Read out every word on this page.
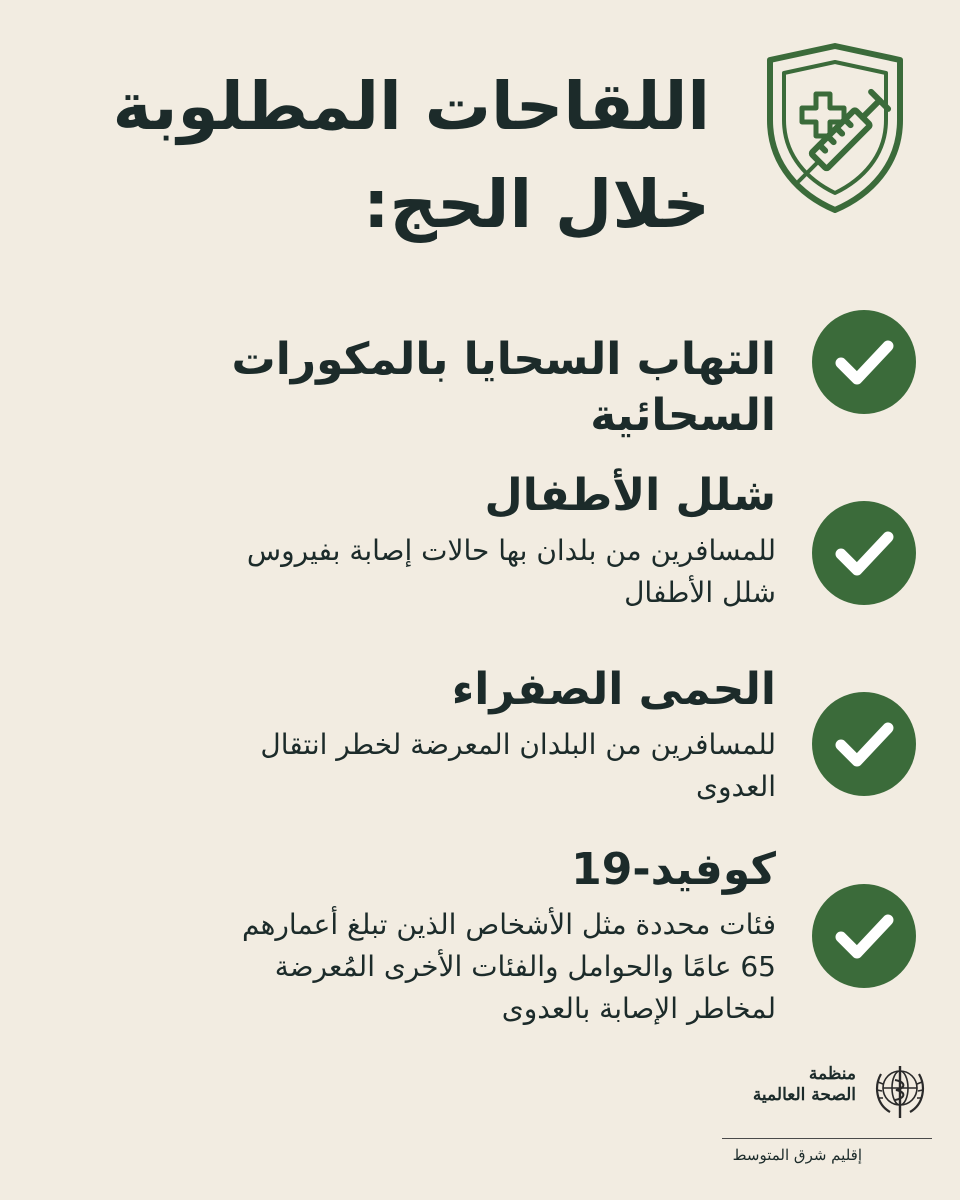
اللقاحات المطلوبة
خلال الحج:
التهاب السحايا بالمكورات السحائية
شلل الأطفال
للمسافرين من بلدان بها حالات إصابة بفيروس
شلل الأطفال
الحمى الصفراء
للمسافرين من البلدان المعرضة لخطر انتقال
العدوى
كوفيد-19
فئات محددة مثل الأشخاص الذين تبلغ أعمارهم
65 عامًا والحوامل والفئات الأخرى المُعرضة
لمخاطر الإصابة بالعدوى
منظمة
الصحة العالمية
إقليم شرق المتوسط
